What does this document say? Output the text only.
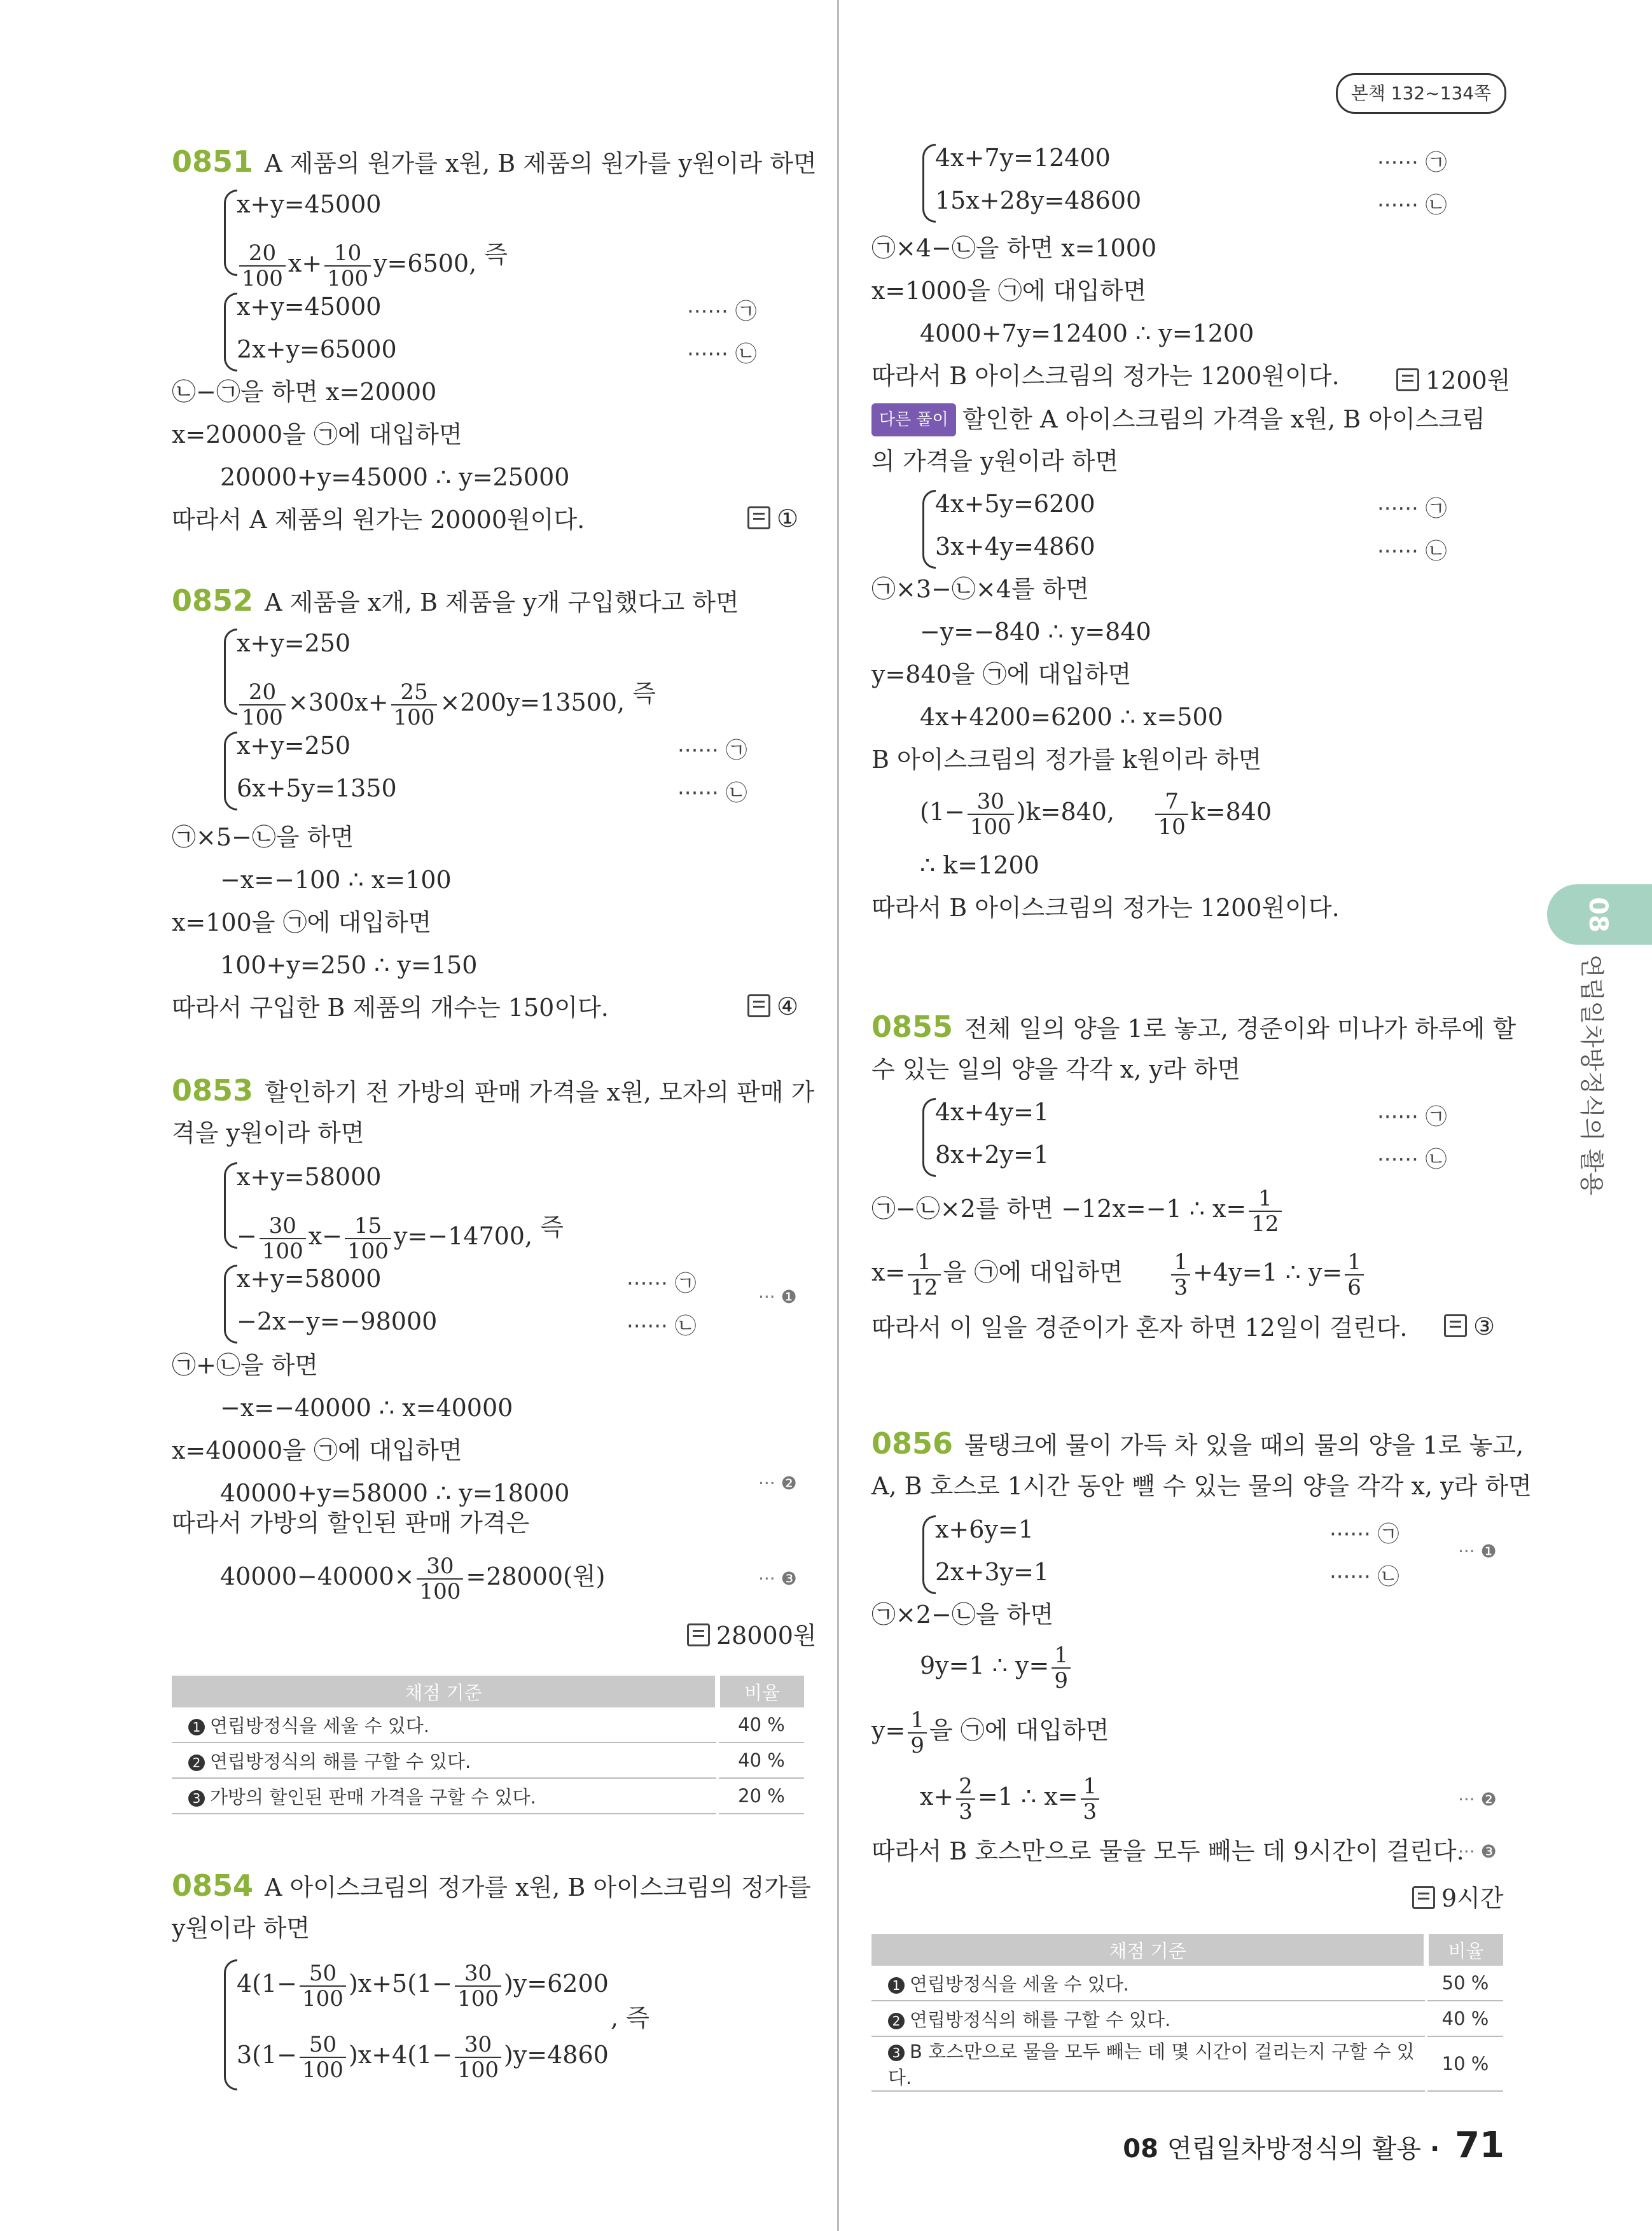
본책 132~134쪽
08
연립일차방정식의 활용
0851 A 제품의 원가를 x원, B 제품의 원가를 y원이라 하면
x+y=45000
$\frac{20}{100} x+ \frac{10}{100} y=6500$, 즉
x+y=45000
2x+y=65000
······ ㉠
······ ㉡
㉡−㉠을 하면 x=20000
x=20000을 ㉠에 대입하면
20000+y=45000 ∴ y=25000
따라서 A 제품의 원가는 20000원이다.	①
0852 A 제품을 x개, B 제품을 y개 구입했다고 하면
x+y=250
$\frac{20}{100} \times 300x+ \frac{25}{100} \times 200y=13500$, 즉
x+y=250
6x+5y=1350
······ ㉠
······ ㉡
㉠×5−㉡을 하면
−x=−100 ∴ x=100
x=100을 ㉠에 대입하면
100+y=250 ∴ y=150
따라서 구입한 B 제품의 개수는 150이다.	④
0853 할인하기 전 가방의 판매 가격을 x원, 모자의 판매 가
격을 y원이라 하면
x+y=58000
− $\frac{30}{100} x- \frac{15}{100} y=-14700$, 즉
x+y=58000
−2x−y=−98000
······ ㉠
······ ㉡
··· ❶
㉠+㉡을 하면
−x=−40000 ∴ x=40000
x=40000을 ㉠에 대입하면
40000+y=58000 ∴ y=18000	··· ❷
따라서 가방의 할인된 판매 가격은
$40000-40000\times \frac{30}{100} =28000$(원)	··· ❸
28000원
채점 기준	비율
1 연립방정식을 세울 수 있다.	40 %
2 연립방정식의 해를 구할 수 있다.	40 %
3 가방의 할인된 판매 가격을 구할 수 있다.	20 %
0854 A 아이스크림의 정가를 x원, B 아이스크림의 정가를
y원이라 하면
$4(1- \frac{50}{100} )x+5(1- \frac{30}{100} )y=6200$
$3(1- \frac{50}{100} )x+4(1- \frac{30}{100} )y=4860$
, 즉
4x+7y=12400
15x+28y=48600
······ ㉠
······ ㉡
㉠×4−㉡을 하면 x=1000
x=1000을 ㉠에 대입하면
4000+7y=12400 ∴ y=1200
따라서 B 아이스크림의 정가는 1200원이다.	1200원
다른 풀이 할인한 A 아이스크림의 가격을 x원, B 아이스크림
의 가격을 y원이라 하면
4x+5y=6200
3x+4y=4860
······ ㉠
······ ㉡
㉠×3−㉡×4를 하면
−y=−840 ∴ y=840
y=840을 ㉠에 대입하면
4x+4200=6200 ∴ x=500
B 아이스크림의 정가를 k원이라 하면
$(1- \frac{30}{100} )k=840$, $\frac{7}{10} k=840$
∴ k=1200
따라서 B 아이스크림의 정가는 1200원이다.
0855 전체 일의 양을 1로 놓고, 경준이와 미나가 하루에 할
수 있는 일의 양을 각각 x, y라 하면
4x+4y=1
8x+2y=1
······ ㉠
······ ㉡
㉠−㉡×2를 하면 −12x=−1 ∴ $x= \frac{1}{12}$
$x= \frac{1}{12}$ 을 ㉠에 대입하면 $\frac{1}{3} +4y=1$ ∴ $y= \frac{1}{6}$
따라서 이 일을 경준이가 혼자 하면 12일이 걸린다.	③
0856 물탱크에 물이 가득 차 있을 때의 물의 양을 1로 놓고,
A, B 호스로 1시간 동안 뺄 수 있는 물의 양을 각각 x, y라 하면
x+6y=1
2x+3y=1
······ ㉠
······ ㉡
··· ❶
㉠×2−㉡을 하면
9y=1 ∴ $y= \frac{1}{9}$
$y= \frac{1}{9}$ 을 ㉠에 대입하면
$x+ \frac{2}{3} =1$ ∴ $x= \frac{1}{3}$	··· ❷
따라서 B 호스만으로 물을 모두 빼는 데 9시간이 걸린다.
··· ❸
9시간
채점 기준	비율
1 연립방정식을 세울 수 있다.	50 %
2 연립방정식의 해를 구할 수 있다.	40 %
3 B 호스만으로 물을 모두 빼는 데 몇 시간이 걸리는지 구할 수 있다.	10 %
08 연립일차방정식의 활용 · 71
